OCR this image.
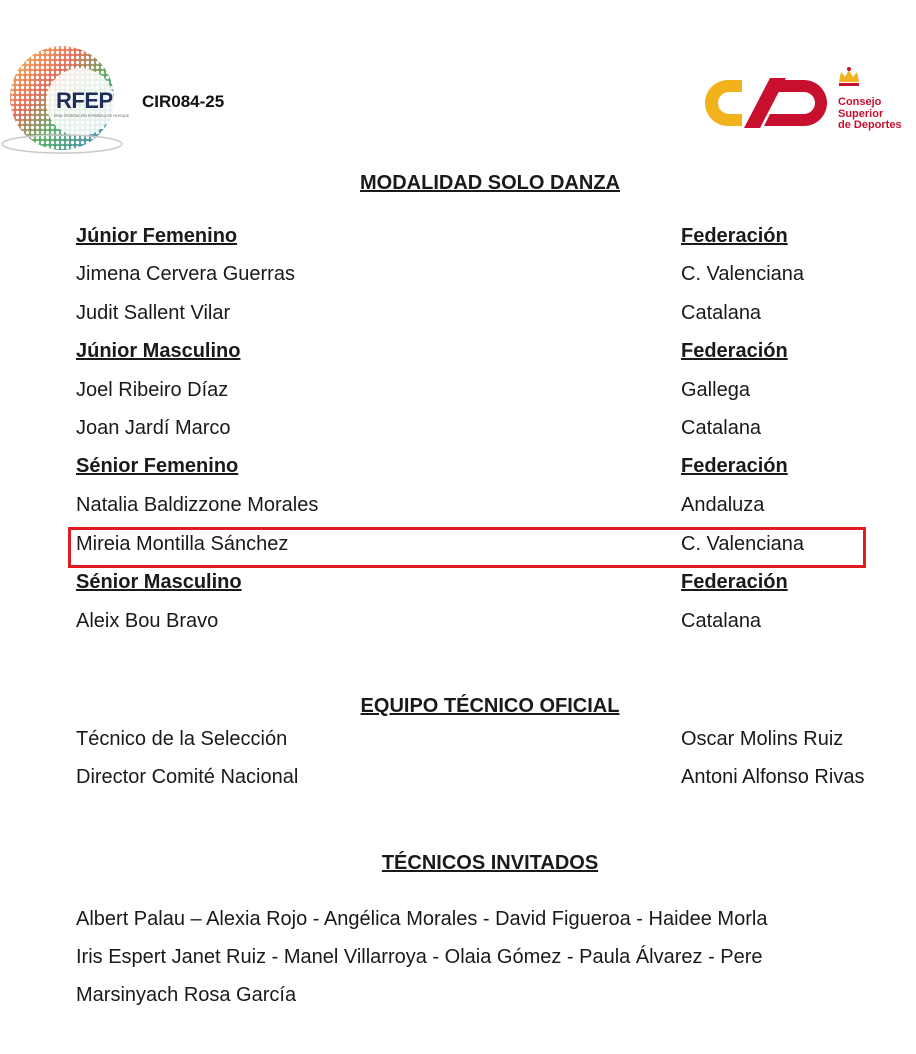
RFEP
REAL FEDERACIÓN ESPAÑOLA DE PATINAJE
CIR084-25	Consejo
Superior
de Deportes
MODALIDAD SOLO DANZA
Júnior Femenino	Federación
Jimena Cervera Guerras	C. Valenciana
Judit Sallent Vilar	Catalana
Júnior Masculino	Federación
Joel Ribeiro Díaz	Gallega
Joan Jardí Marco	Catalana
Sénior Femenino	Federación
Natalia Baldizzone Morales	Andaluza
Mireia Montilla Sánchez	C. Valenciana
Sénior Masculino	Federación
Aleix Bou Bravo	Catalana
EQUIPO TÉCNICO OFICIAL
Técnico de la Selección	Oscar Molins Ruiz
Director Comité Nacional	Antoni Alfonso Rivas
TÉCNICOS INVITADOS
Albert Palau – Alexia Rojo - Angélica Morales - David Figueroa - Haidee Morla
Iris Espert Janet Ruiz - Manel Villarroya - Olaia Gómez - Paula Álvarez - Pere
Marsinyach Rosa García
